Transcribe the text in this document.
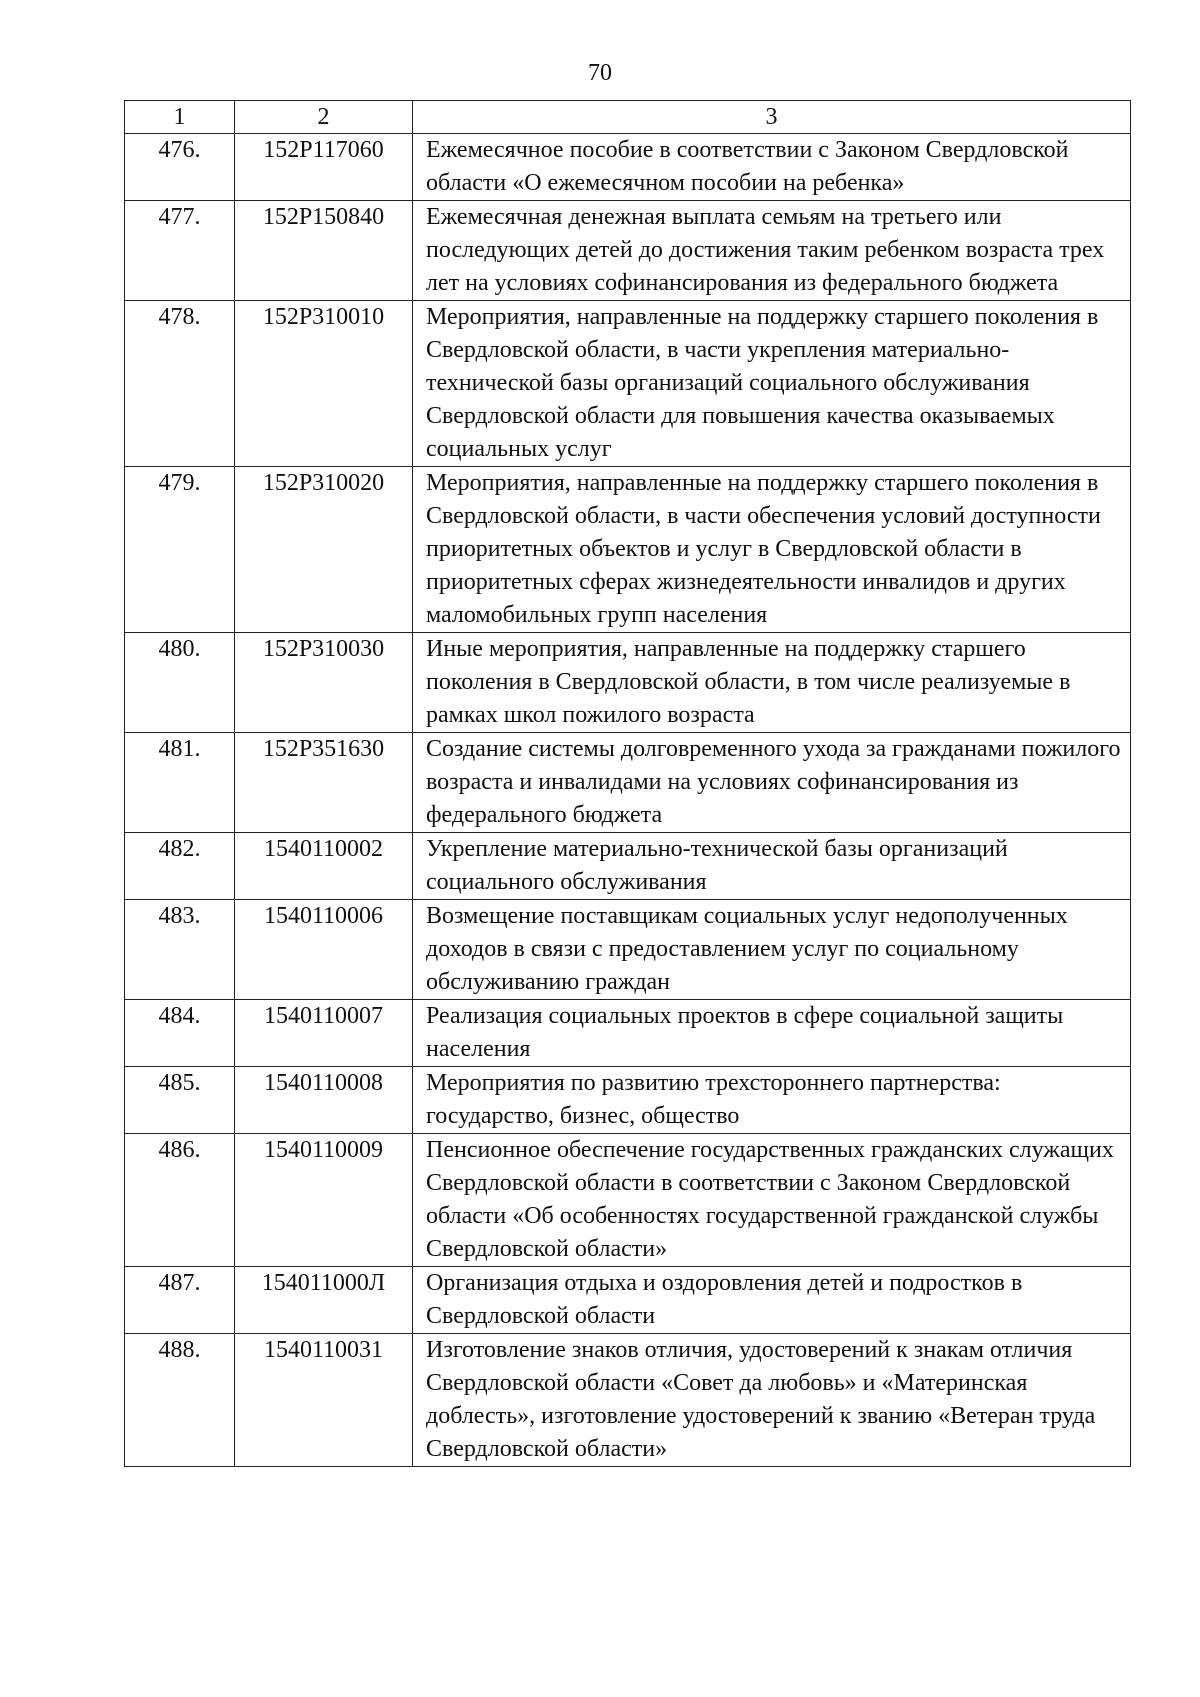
70
1	2	3
476.	152P117060	Ежемесячное пособие в соответствии с Законом Свердловской области «О ежемесячном пособии на ребенка»
477.	152P150840	Ежемесячная денежная выплата семьям на третьего или последующих детей до достижения таким ребенком возраста трех лет на условиях софинансирования из федерального бюджета
478.	152P310010	Мероприятия, направленные на поддержку старшего поколения в Свердловской области, в части укрепления материально-технической базы организаций социального обслуживания Свердловской области для повышения качества оказываемых социальных услуг
479.	152P310020	Мероприятия, направленные на поддержку старшего поколения в Свердловской области, в части обеспечения условий доступности приоритетных объектов и услуг в Свердловской области в приоритетных сферах жизнедеятельности инвалидов и других маломобильных групп населения
480.	152P310030	Иные мероприятия, направленные на поддержку старшего поколения в Свердловской области, в том числе реализуемые в рамках школ пожилого возраста
481.	152P351630	Создание системы долговременного ухода за гражданами пожилого возраста и инвалидами на условиях софинансирования из федерального бюджета
482.	1540110002	Укрепление материально-технической базы организаций социального обслуживания
483.	1540110006	Возмещение поставщикам социальных услуг недополученных доходов в связи с предоставлением услуг по социальному обслуживанию граждан
484.	1540110007	Реализация социальных проектов в сфере социальной защиты населения
485.	1540110008	Мероприятия по развитию трехстороннего партнерства: государство, бизнес, общество
486.	1540110009	Пенсионное обеспечение государственных гражданских служащих Свердловской области в соответствии с Законом Свердловской области «Об особенностях государственной гражданской службы Свердловской области»
487.	154011000Л	Организация отдыха и оздоровления детей и подростков в Свердловской области
488.	1540110031	Изготовление знаков отличия, удостоверений к знакам отличия Свердловской области «Совет да любовь» и «Материнская доблесть», изготовление удостоверений к званию «Ветеран труда Свердловской области»
